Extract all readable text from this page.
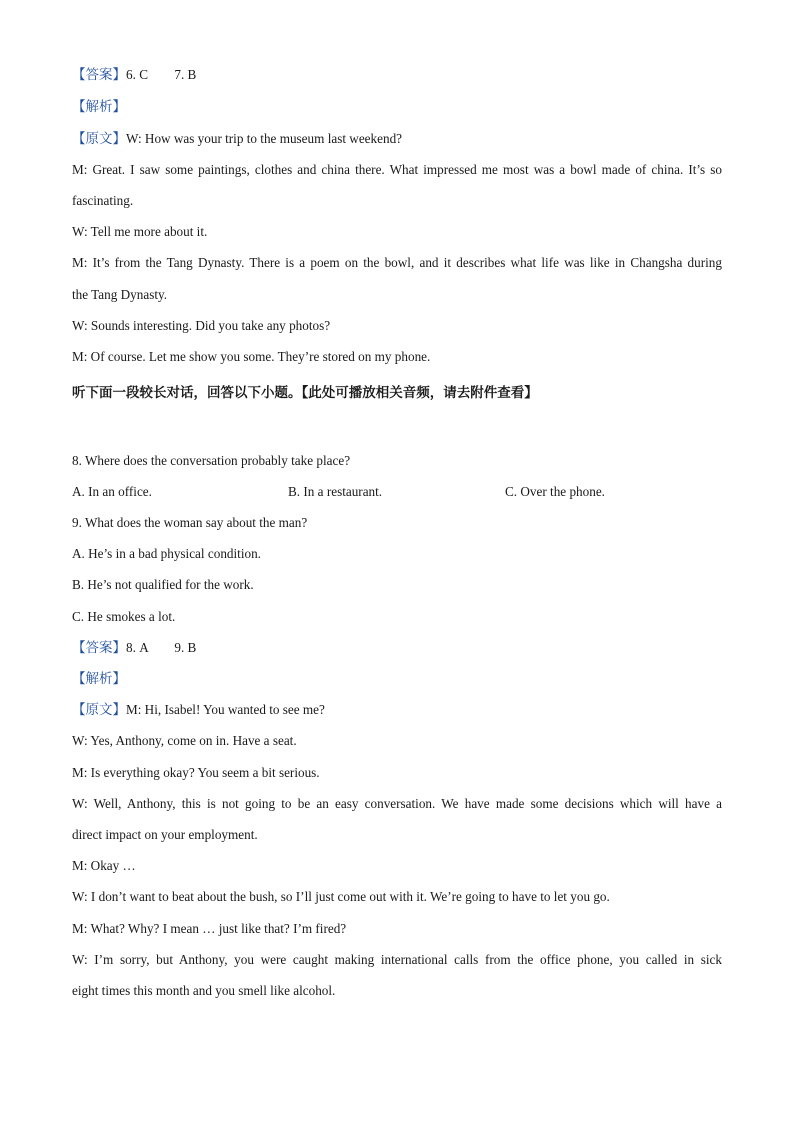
【答案】6. C        7. B
【解析】
【原文】W: How was your trip to the museum last weekend?
M: Great. I saw some paintings, clothes and china there. What impressed me most was a bowl made of china. It’s so
fascinating.
W: Tell me more about it.
M: It’s from the Tang Dynasty. There is a poem on the bowl, and it describes what life was like in Changsha during
the Tang Dynasty.
W: Sounds interesting. Did you take any photos?
M: Of course. Let me show you some. They’re stored on my phone.
听下面一段较长对话，回答以下小题。【此处可播放相关音频，请去附件查看】
8. Where does the conversation probably take place?
A. In an office.	B. In a restaurant.	C. Over the phone.
9. What does the woman say about the man?
A. He’s in a bad physical condition.
B. He’s not qualified for the work.
C. He smokes a lot.
【答案】8. A        9. B
【解析】
【原文】M: Hi, Isabel! You wanted to see me?
W: Yes, Anthony, come on in. Have a seat.
M: Is everything okay? You seem a bit serious.
W: Well, Anthony, this is not going to be an easy conversation. We have made some decisions which will have a
direct impact on your employment.
M: Okay …
W: I don’t want to beat about the bush, so I’ll just come out with it. We’re going to have to let you go.
M: What? Why? I mean … just like that? I’m fired?
W: I’m sorry, but Anthony, you were caught making international calls from the office phone, you called in sick
eight times this month and you smell like alcohol.
